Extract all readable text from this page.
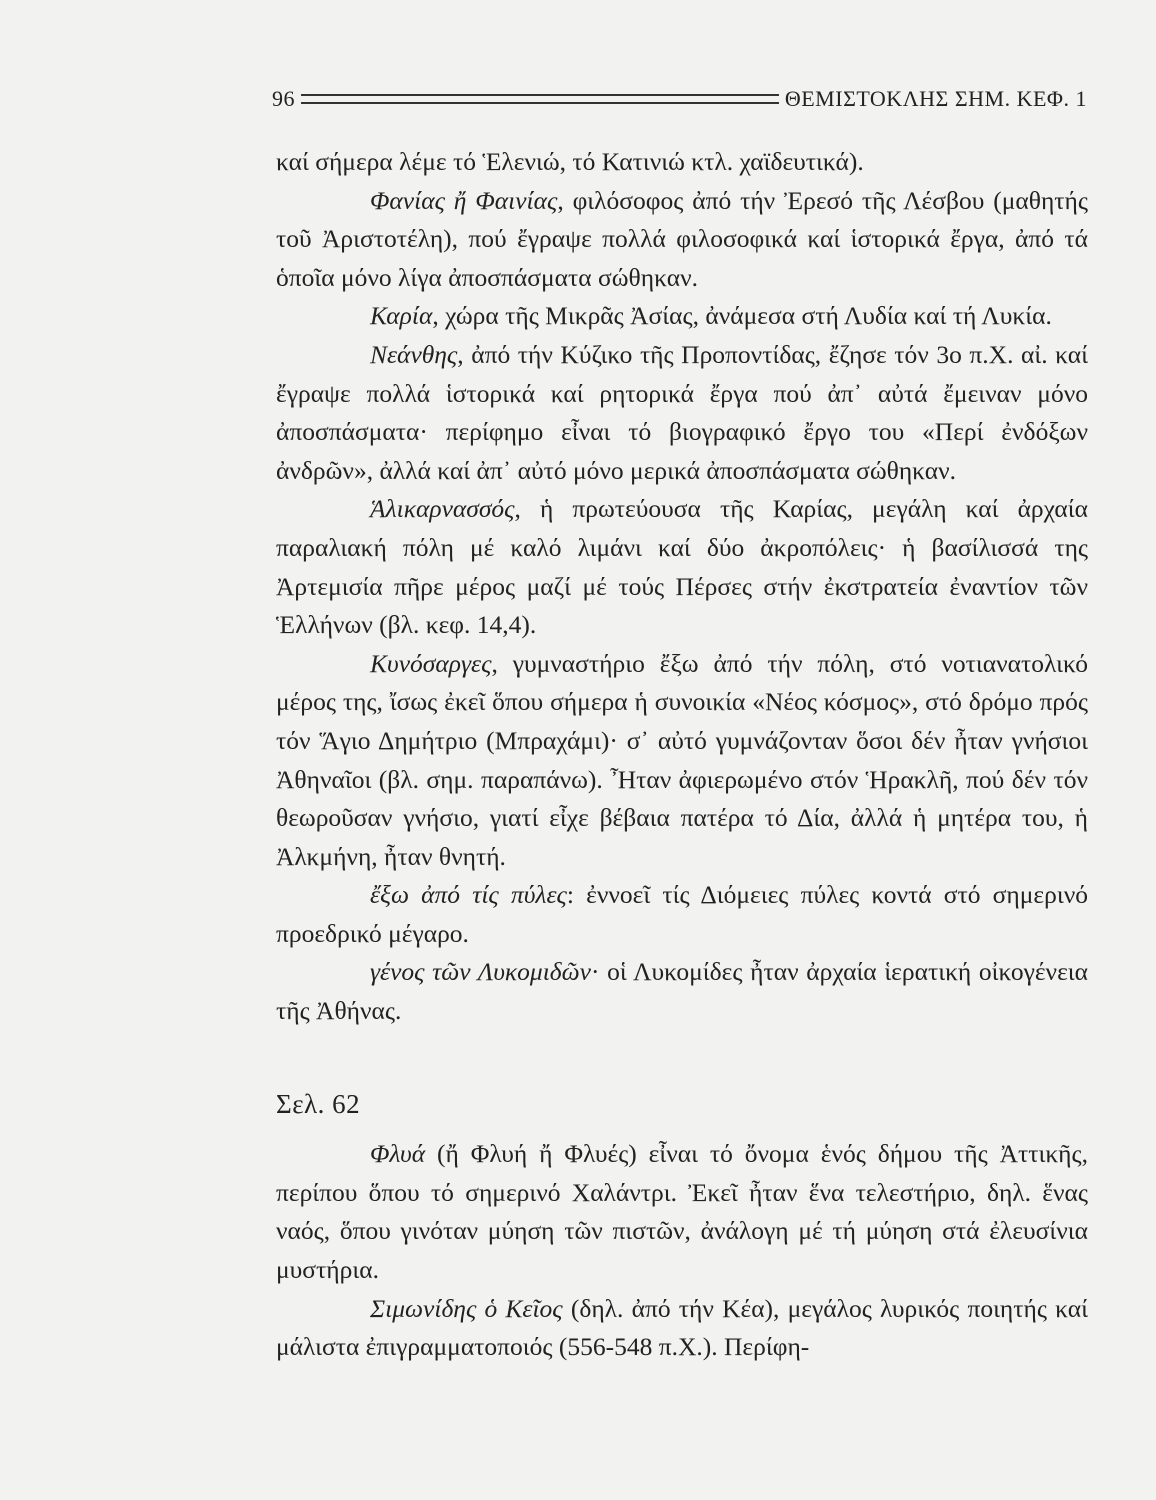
96	ΘΕΜΙΣΤΟΚΛΗΣ ΣΗΜ. ΚΕΦ. 1

καί σήμερα λέμε τό Ἑλενιώ, τό Κατινιώ κτλ. χαϊδευτικά).

Φανίας ἤ Φαινίας, φιλόσοφος ἀπό τήν Ἐρεσό τῆς Λέσβου (μαθητής τοῦ Ἀριστοτέλη), πού ἔγραψε πολλά φιλοσοφικά καί ἱστορικά ἔργα, ἀπό τά ὁποῖα μόνο λίγα ἀποσπάσματα σώθηκαν.

Καρία, χώρα τῆς Μικρᾶς Ἀσίας, ἀνάμεσα στή Λυδία καί τή Λυκία.

Νεάνθης, ἀπό τήν Κύζικο τῆς Προποντίδας, ἔζησε τόν 3ο π.Χ. αἰ. καί ἔγραψε πολλά ἱστορικά καί ρητορικά ἔργα πού ἀπ᾽ αὐτά ἔμειναν μόνο ἀποσπάσματα· περίφημο εἶναι τό βιογραφικό ἔργο του «Περί ἐνδόξων ἀνδρῶν», ἀλλά καί ἀπ᾽ αὐτό μόνο μερικά ἀποσπάσματα σώθηκαν.

Ἁλικαρνασσός, ἡ πρωτεύουσα τῆς Καρίας, μεγάλη καί ἀρχαία παραλιακή πόλη μέ καλό λιμάνι καί δύο ἀκροπόλεις· ἡ βασίλισσά της Ἀρτεμισία πῆρε μέρος μαζί μέ τούς Πέρσες στήν ἐκστρατεία ἐναντίον τῶν Ἑλλήνων (βλ. κεφ. 14,4).

Κυνόσαργες, γυμναστήριο ἔξω ἀπό τήν πόλη, στό νοτιανατολικό μέρος της, ἴσως ἐκεῖ ὅπου σήμερα ἡ συνοικία «Νέος κόσμος», στό δρόμο πρός τόν Ἅγιο Δημήτριο (Μπραχάμι)· σ᾽ αὐτό γυμνάζονταν ὅσοι δέν ἦταν γνήσιοι Ἀθηναῖοι (βλ. σημ. παραπάνω). Ἦταν ἀφιερωμένο στόν Ἡρακλῆ, πού δέν τόν θεωροῦσαν γνήσιο, γιατί εἶχε βέβαια πατέρα τό Δία, ἀλλά ἡ μητέρα του, ἡ Ἀλκμήνη, ἦταν θνητή.

ἔξω ἀπό τίς πύλες: ἐννοεῖ τίς Διόμειες πύλες κοντά στό σημερινό προεδρικό μέγαρο.

γένος τῶν Λυκομιδῶν· οἱ Λυκομίδες ἦταν ἀρχαία ἱερατική οἰκογένεια τῆς Ἀθήνας.

Σελ. 62

Φλυά (ἤ Φλυή ἤ Φλυές) εἶναι τό ὄνομα ἑνός δήμου τῆς Ἀττικῆς, περίπου ὅπου τό σημερινό Χαλάντρι. Ἐκεῖ ἦταν ἕνα τελεστήριο, δηλ. ἕνας ναός, ὅπου γινόταν μύηση τῶν πιστῶν, ἀνάλογη μέ τή μύηση στά ἐλευσίνια μυστήρια.

Σιμωνίδης ὁ Κεῖος (δηλ. ἀπό τήν Κέα), μεγάλος λυρικός ποιητής καί μάλιστα ἐπιγραμματοποιός (556-548 π.Χ.). Περίφη-
